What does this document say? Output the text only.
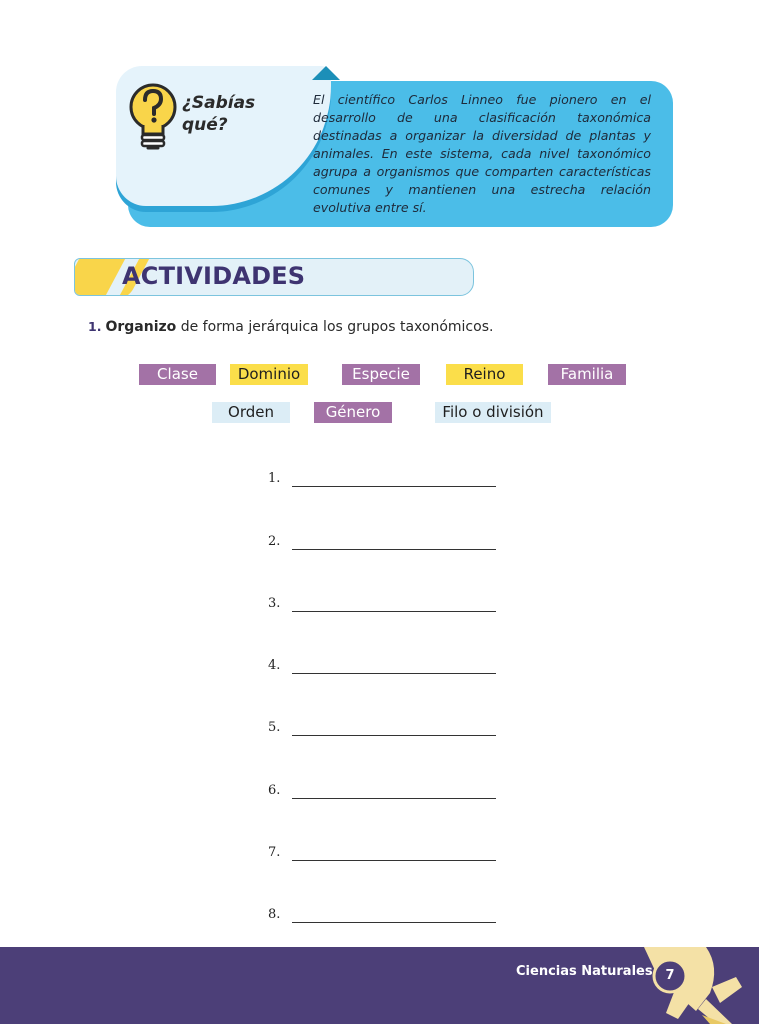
¿Sabías qué?
El científico Carlos Linneo fue pionero en el desarrollo de una clasificación taxonómica destinadas a organizar la diversidad de plantas y animales. En este sistema, cada nivel taxonómico agrupa a organismos que comparten características comunes y mantienen una estrecha relación evolutiva entre sí.
ACTIVIDADES
1. Organizo de forma jerárquica los grupos taxonómicos.
Clase	Dominio	Especie	Reino	Familia
Orden	Género	Filo o división
1.
2.
3.
4.
5.
6.
7.
8.
Ciencias Naturales 7
